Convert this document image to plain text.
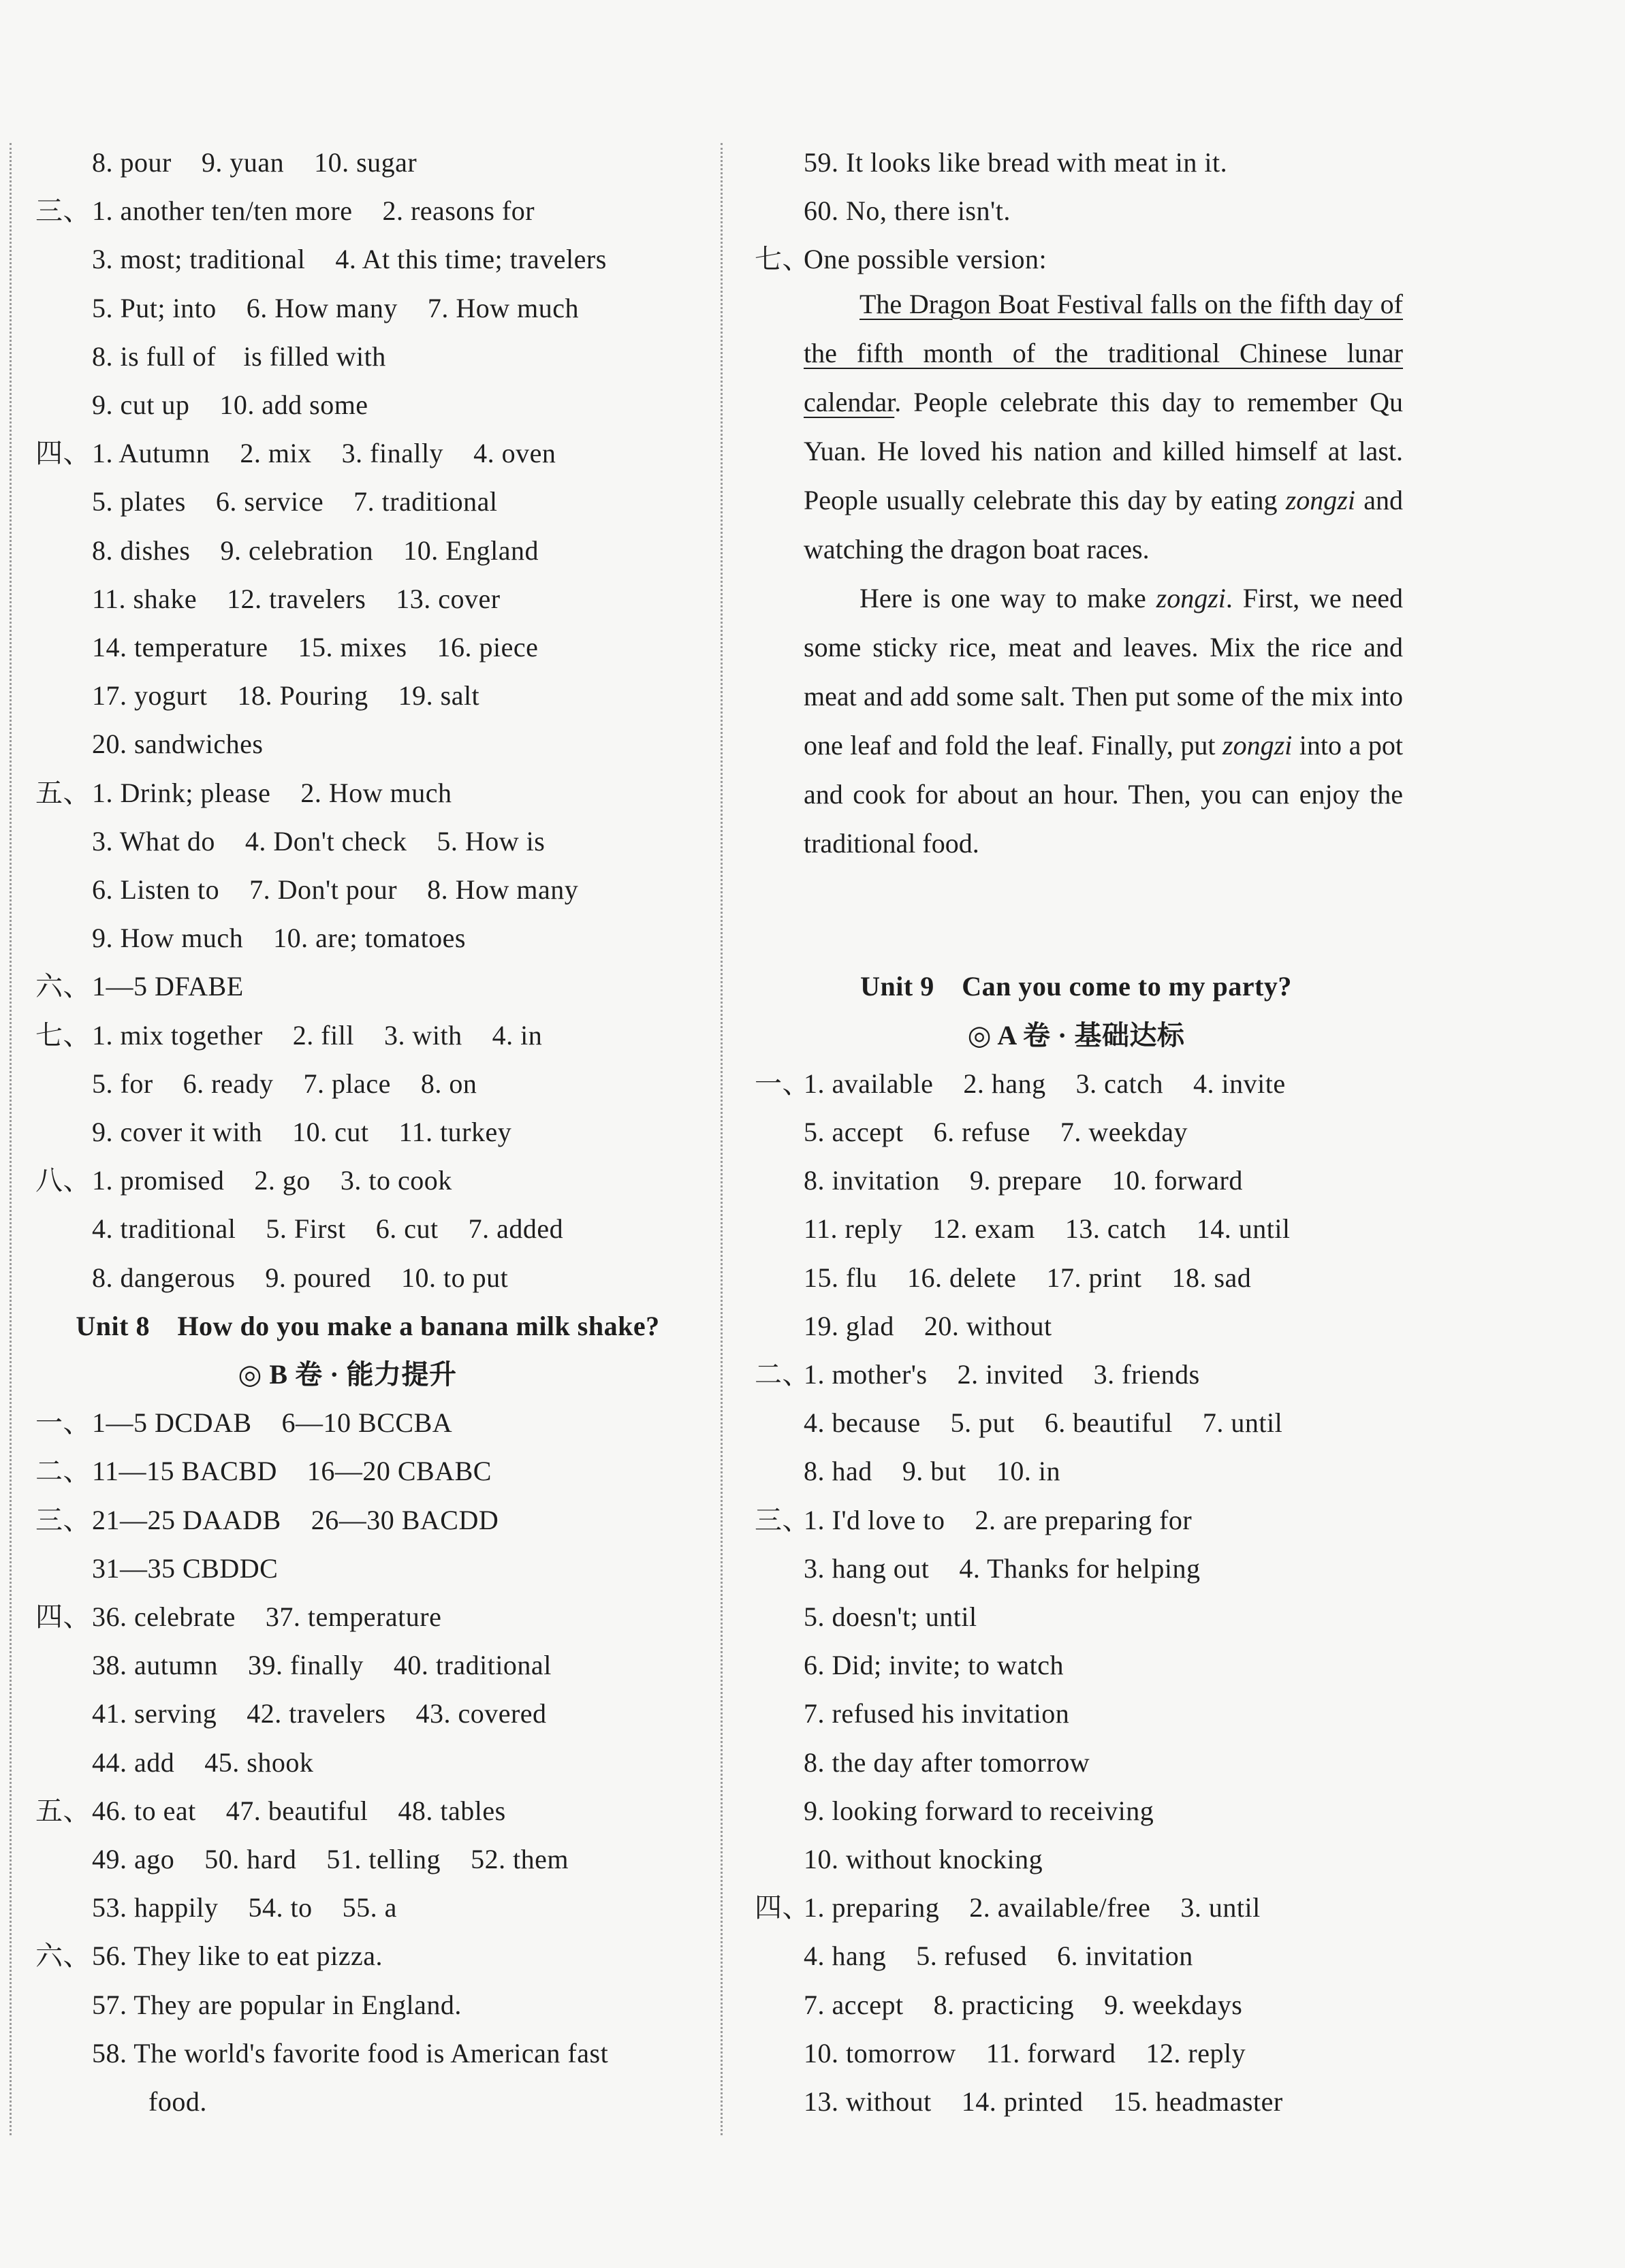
8. pour 9. yuan 10. sugar
三、 1. another ten/ten more 2. reasons for
3. most; traditional 4. At this time; travelers
5. Put; into 6. How many 7. How much
8. is full of　is filled with
9. cut up 10. add some
四、 1. Autumn 2. mix 3. finally 4. oven
5. plates 6. service 7. traditional
8. dishes 9. celebration 10. England
11. shake 12. travelers 13. cover
14. temperature 15. mixes 16. piece
17. yogurt 18. Pouring 19. salt
20. sandwiches
五、 1. Drink; please 2. How much
3. What do 4. Don't check 5. How is
6. Listen to 7. Don't pour 8. How many
9. How much 10. are; tomatoes
六、 1—5 DFABE
七、 1. mix together 2. fill 3. with 4. in
5. for 6. ready 7. place 8. on
9. cover it with 10. cut 11. turkey
八、 1. promised 2. go 3. to cook
4. traditional 5. First 6. cut 7. added
8. dangerous 9. poured 10. to put
Unit 8　How do you make a banana milk shake?
◎ B 卷 · 能力提升
一、 1—5 DCDAB 6—10 BCCBA
二、 11—15 BACBD 16—20 CBABC
三、 21—25 DAADB 26—30 BACDD
31—35 CBDDC
四、 36. celebrate 37. temperature
38. autumn 39. finally 40. traditional
41. serving 42. travelers 43. covered
44. add 45. shook
五、 46. to eat 47. beautiful 48. tables
49. ago 50. hard 51. telling 52. them
53. happily 54. to 55. a
六、 56. They like to eat pizza.
57. They are popular in England.
58. The world's favorite food is American fast
food.
59. It looks like bread with meat in it.
60. No, there isn't.
七、
One possible version:
Unit 9　Can you come to my party?
◎ A 卷 · 基础达标
一、
1. available 2. hang 3. catch 4. invite
5. accept 6. refuse 7. weekday
8. invitation 9. prepare 10. forward
11. reply 12. exam 13. catch 14. until
15. flu 16. delete 17. print 18. sad
19. glad 20. without
二、
1. mother's 2. invited 3. friends
4. because 5. put 6. beautiful 7. until
8. had 9. but 10. in
三、
1. I'd love to 2. are preparing for
3. hang out 4. Thanks for helping
5. doesn't; until
6. Did; invite; to watch
7. refused his invitation
8. the day after tomorrow
9. looking forward to receiving
10. without knocking
四、
1. preparing 2. available/free 3. until
4. hang 5. refused 6. invitation
7. accept 8. practicing 9. weekdays
10. tomorrow 11. forward 12. reply
13. without 14. printed 15. headmaster

The Dragon Boat Festival falls on the fifth day of the fifth month of the traditional Chinese lunar calendar. People celebrate this day to remember Qu Yuan. He loved his nation and killed himself at last. People usually celebrate this day by eating zongzi and watching the dragon boat races.

Here is one way to make zongzi. First, we need some sticky rice, meat and leaves. Mix the rice and meat and add some salt. Then put some of the mix into one leaf and fold the leaf. Finally, put zongzi into a pot and cook for about an hour. Then, you can enjoy the traditional food.
